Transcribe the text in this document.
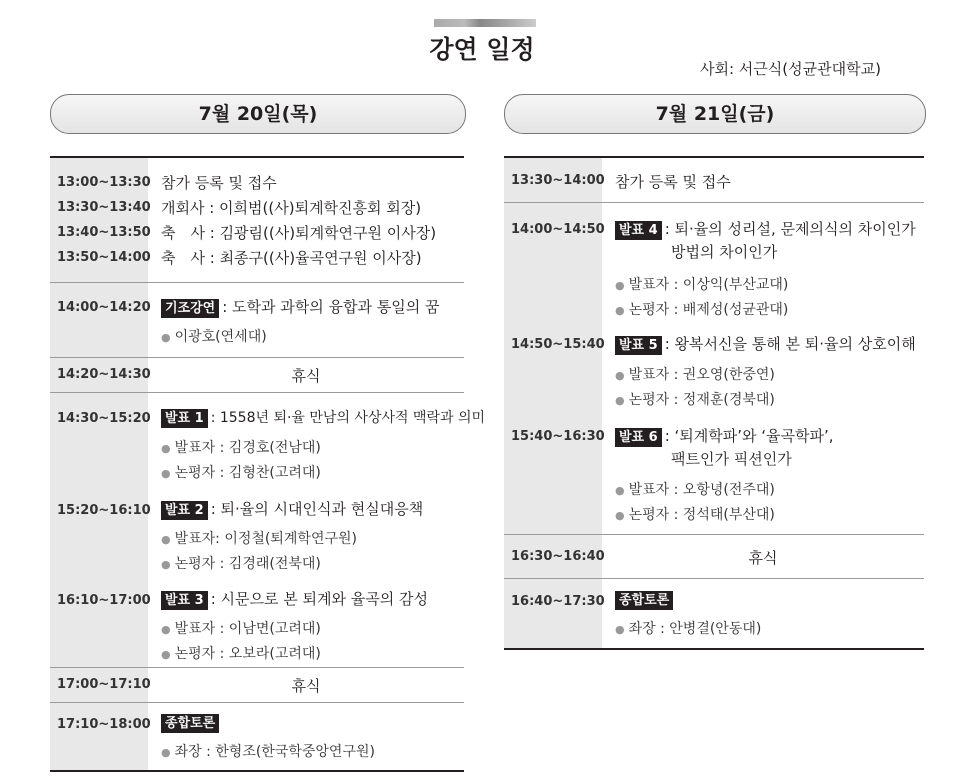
강연 일정
사회: 서근식(성균관대학교)
7월 20일(목)
13:00~13:30 참가 등록 및 접수
13:30~13:40 개회사 : 이희범((사)퇴계학진흥회 회장)
13:40~13:50 축　사 : 김광림((사)퇴계학연구원 이사장)
13:50~14:00 축　사 : 최종구((사)율곡연구원 이사장)
14:00~14:20	기조강연 : 도학과 과학의 융합과 통일의 꿈
● 이광호(연세대)
14:20~14:30	휴식
14:30~15:20	발표 1 : 1558년 퇴·율 만남의 사상사적 맥락과 의미
● 발표자 : 김경호(전남대)
● 논평자 : 김형찬(고려대)
15:20~16:10	발표 2 : 퇴·율의 시대인식과 현실대응책
● 발표자: 이정철(퇴계학연구원)
● 논평자 : 김경래(전북대)
16:10~17:00	발표 3 : 시문으로 본 퇴계와 율곡의 감성
● 발표자 : 이남면(고려대)
● 논평자 : 오보라(고려대)
17:00~17:10	휴식
17:10~18:00	종합토론
● 좌장 : 한형조(한국학중앙연구원)
7월 21일(금)
13:30~14:00 참가 등록 및 접수
14:00~14:50	발표 4 : 퇴·율의 성리설, 문제의식의 차이인가
방법의 차이인가
● 발표자 : 이상익(부산교대)
● 논평자 : 배제성(성균관대)
14:50~15:40	발표 5 : 왕복서신을 통해 본 퇴·율의 상호이해
● 발표자 : 권오영(한중연)
● 논평자 : 정재훈(경북대)
15:40~16:30	발표 6 : ‘퇴계학파’와 ‘율곡학파’,
팩트인가 픽션인가
● 발표자 : 오항녕(전주대)
● 논평자 : 정석태(부산대)
16:30~16:40	휴식
16:40~17:30	종합토론
● 좌장 : 안병결(안동대)
